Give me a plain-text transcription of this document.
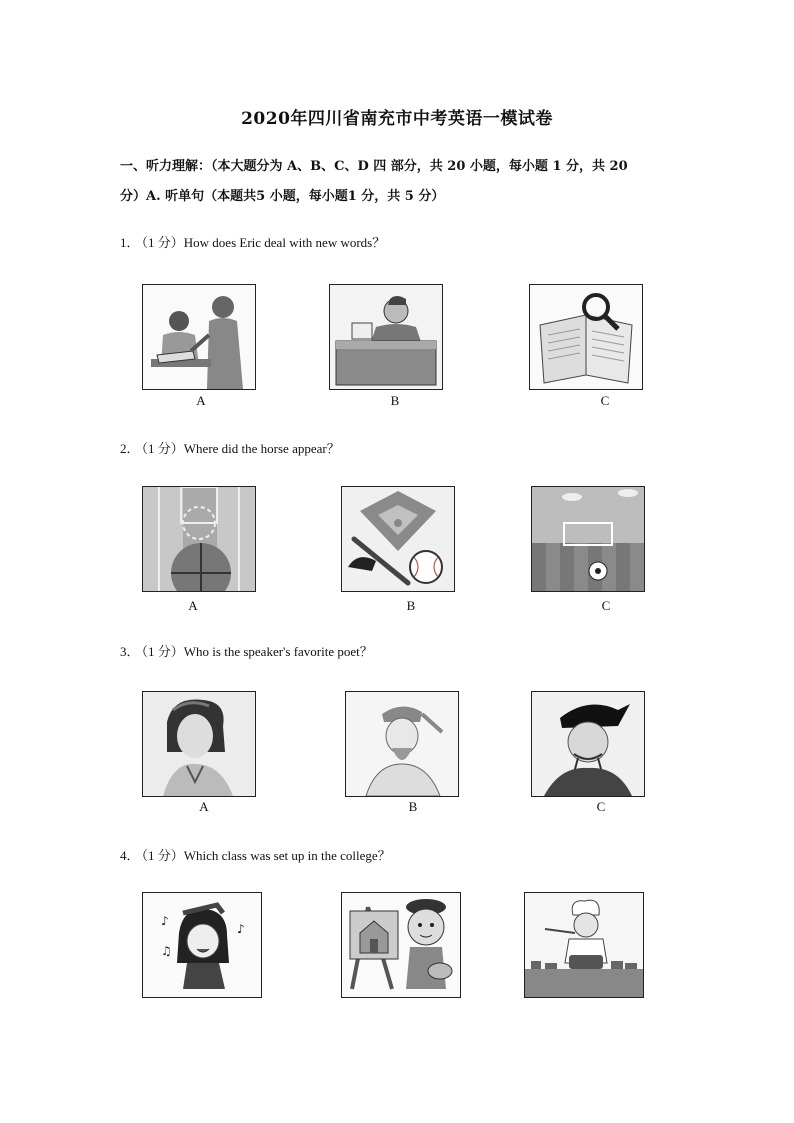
2020年四川省南充市中考英语一模试卷
一、听力理解：（本大题分为 A、B、C、D 四 部分，共 20 小题，每小题 1 分，共 20
分）A. 听单句（本题共5 小题，每小题1 分，共 5 分）
1． （1 分）How does Eric deal with new words？
A	B	C
2． （1 分）Where did the horse appear？
A	B	C
3． （1 分）Who is the speaker's favorite poet？
A	B	C
4． （1 分）Which class was set up in the college？
♪
♫
♪
